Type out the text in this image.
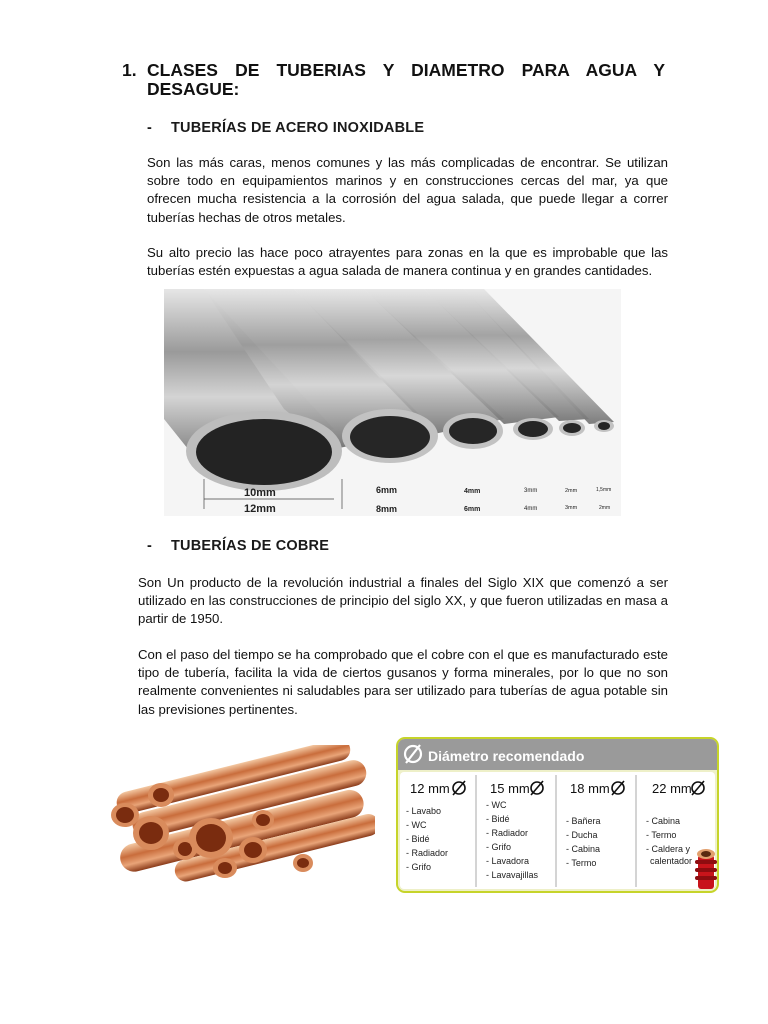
1. CLASES DE TUBERIAS Y DIAMETRO PARA AGUA Y DESAGUE:
- TUBERÍAS DE ACERO INOXIDABLE
Son las más caras, menos comunes y las más complicadas de encontrar. Se utilizan sobre todo en equipamientos marinos y en construcciones cercas del mar, ya que ofrecen mucha resistencia a la corrosión del agua salada, que puede llegar a correr tuberías hechas de otros metales.
Su alto precio las hace poco atrayentes para zonas en la que es improbable que las tuberías estén expuestas a agua salada de manera continua y en grandes cantidades.
10mm
12mm
6mm
8mm
4mm
6mm
3mm
4mm
2mm
3mm
1,5mm
2mm
- TUBERÍAS DE COBRE
Son Un producto de la revolución industrial a finales del Siglo XIX que comenzó a ser utilizado en las construcciones de principio del siglo XX, y que fueron utilizadas en masa a partir de 1950.
Con el paso del tiempo se ha comprobado que el cobre con el que es manufacturado este tipo de tubería, facilita la vida de ciertos gusanos y forma minerales, por lo que no son realmente convenientes ni saludables para ser utilizado para tuberías de agua potable sin las previsiones pertinentes.
Diámetro recomendado
12 mm
- Lavabo
- WC
- Bidé
- Radiador
- Grifo
15 mm
- WC
- Bidé
- Radiador
- Grifo
- Lavadora
- Lavavajillas
18 mm
- Bañera
- Ducha
- Cabina
- Termo
22 mm
- Cabina
- Termo
- Caldera y
calentador
